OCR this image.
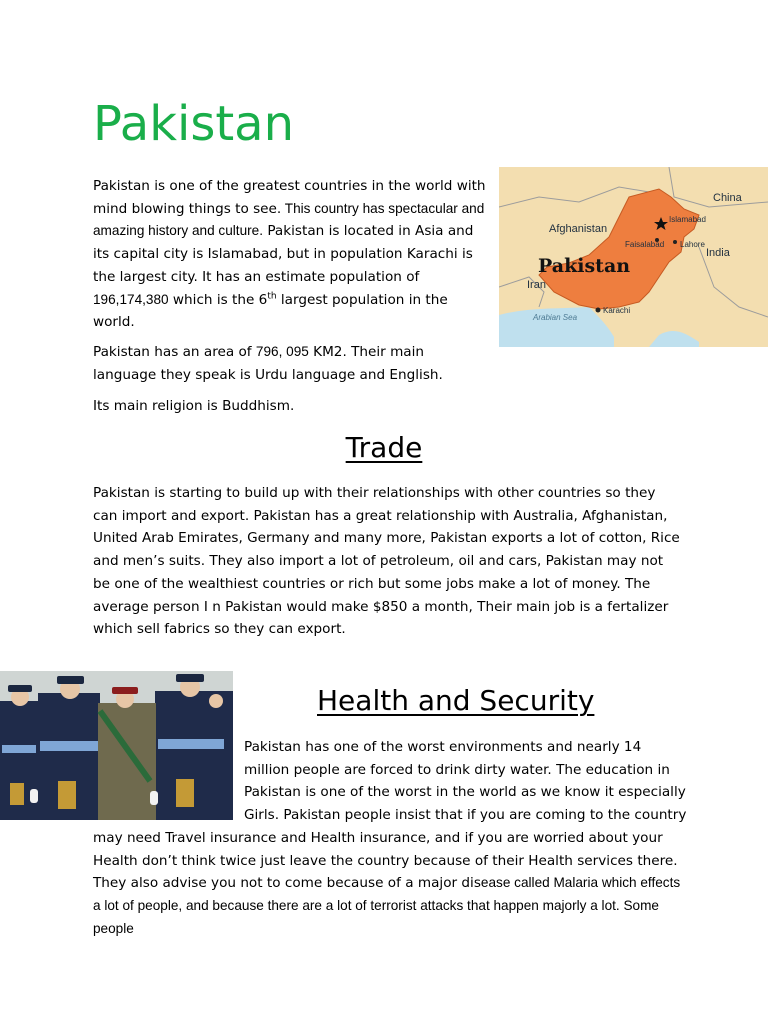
Pakistan

Pakistan is one of the greatest countries in the world with mind blowing things to see. This country has spectacular and amazing history and culture. Pakistan is located in Asia and its capital city is Islamabad, but in population Karachi is the largest city. It has an estimate population of 196,174,380 which is the 6th largest population in the world.

Pakistan has an area of 796, 095 KM2. Their main language they speak is Urdu language and English.

Its main religion is Buddhism.

China
Afghanistan
Islamabad
Faisalabad Lahore
India
Iran
Pakistan
Arabian Sea
Karachi
Trade

Pakistan is starting to build up with their relationships with other countries so they can import and export. Pakistan has a great relationship with Australia, Afghanistan, United Arab Emirates, Germany and many more, Pakistan exports a lot of cotton, Rice and men’s suits. They also import a lot of petroleum, oil and cars, Pakistan may not be one of the wealthiest countries or rich but some jobs make a lot of money. The average person I n Pakistan would make $850 a month, Their main job is a fertalizer which sell fabrics so they can export.

Health and Security

Pakistan has one of the worst environments and nearly 14 million people are forced to drink dirty water. The education in Pakistan is one of the worst in the world as we know it especially Girls. Pakistan people insist that if you are coming to the country may need Travel insurance and Health insurance, and if you are worried about your Health don’t think twice just leave the country because of their Health services there. They also advise you not to come because of a major disease called Malaria which effects a lot of people, and because there are a lot of terrorist attacks that happen majorly a lot. Some people
